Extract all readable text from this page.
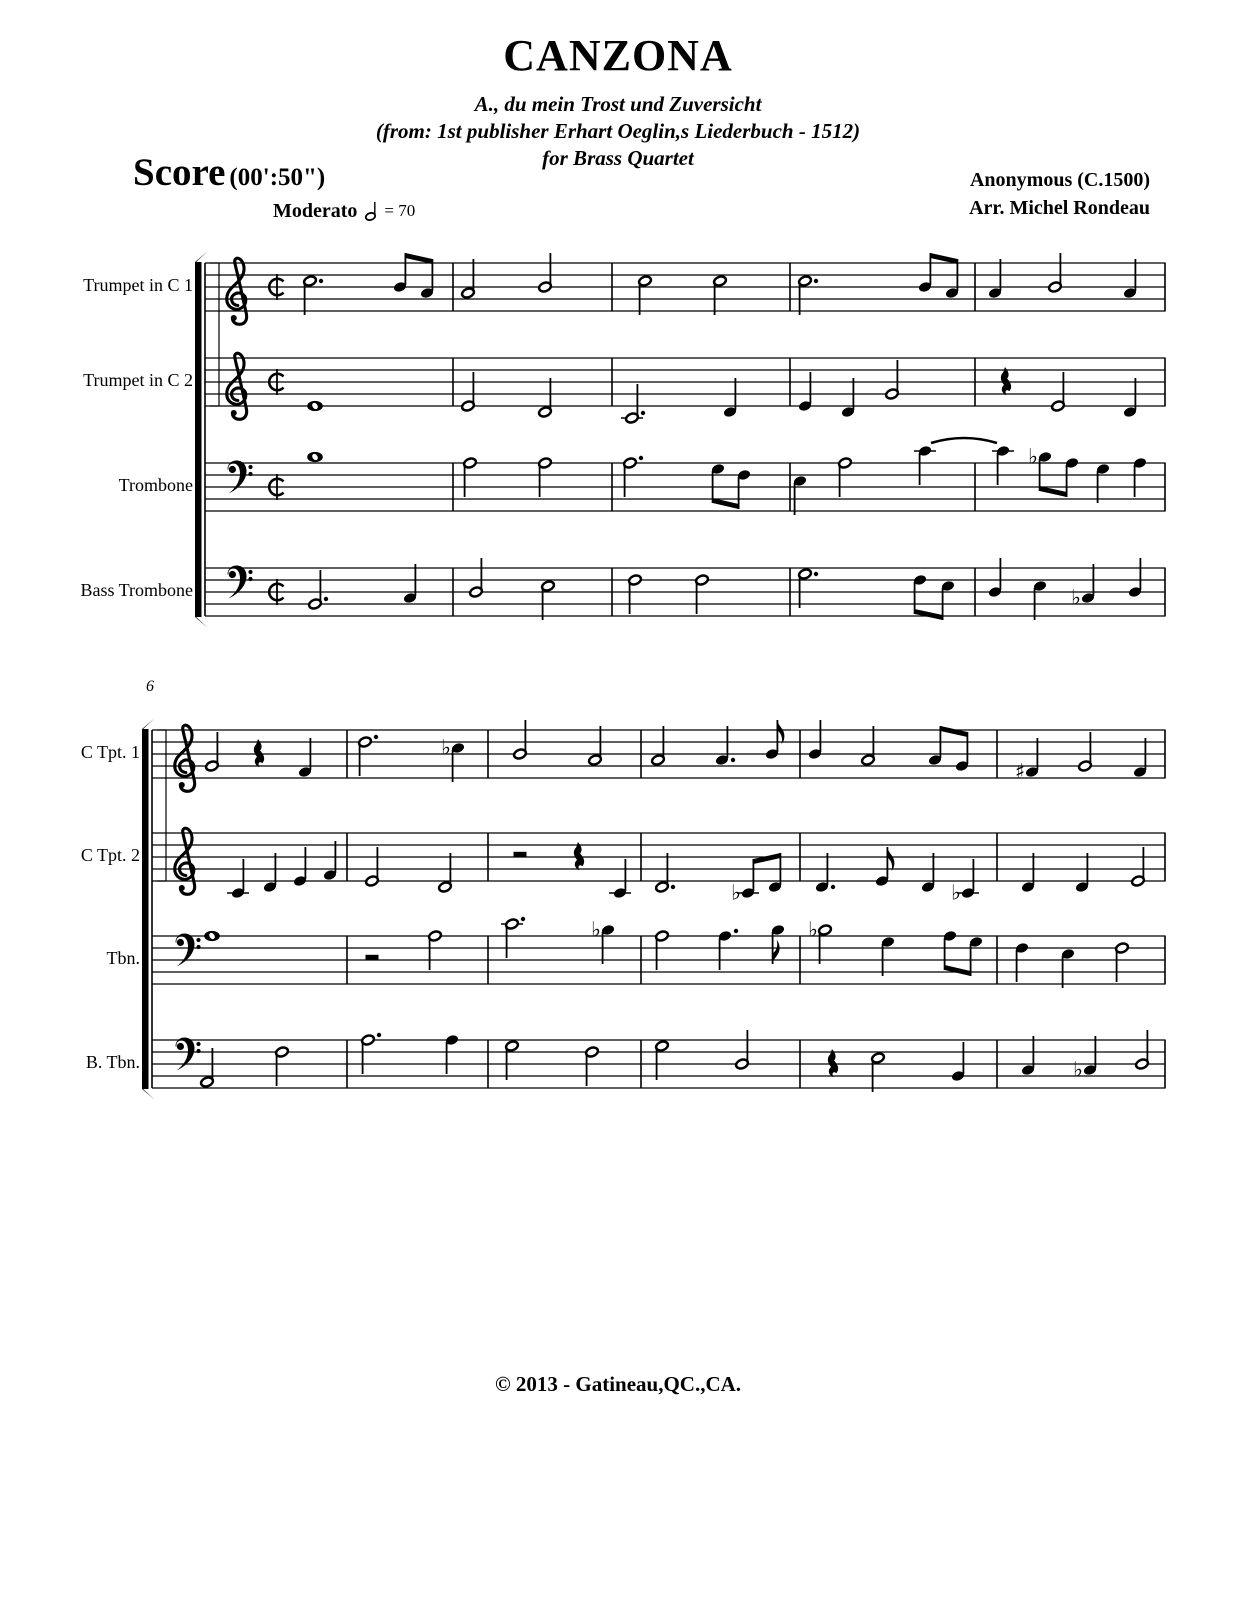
♭
♭
♭
♯
♭	♭
♭	♭
♭
CANZONA
A., du mein Trost und Zuversicht
(from: 1st publisher Erhart Oeglin,s Liederbuch - 1512)
for Brass Quartet
Score (00':50")	Anonymous (C.1500)
Arr. Michel Rondeau
Moderato = 70
Trumpet in C 1
Trumpet in C 2
Trombone
Bass Trombone
C Tpt. 1
C Tpt. 2
Tbn.
B. Tbn.
6
© 2013 - Gatineau,QC.,CA.
